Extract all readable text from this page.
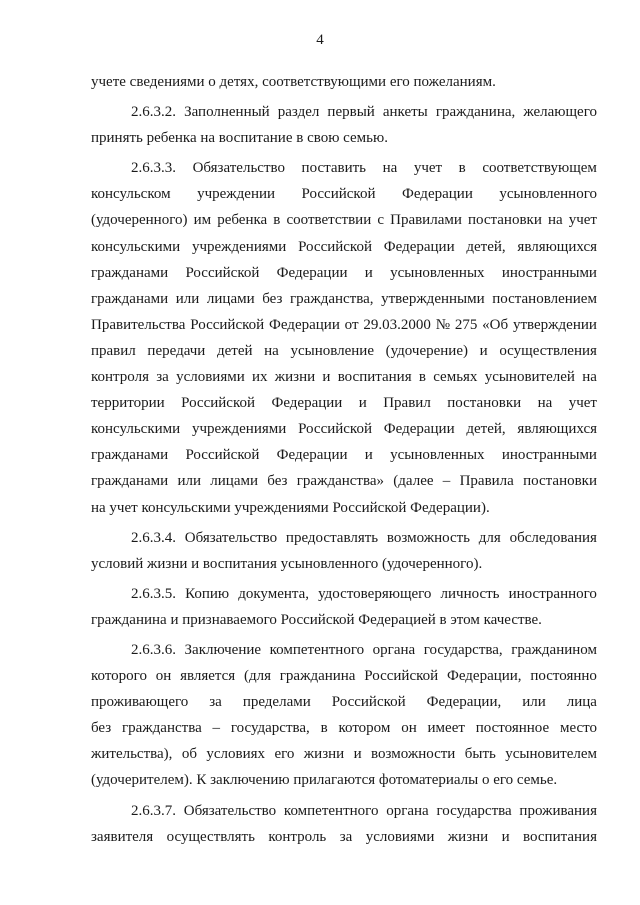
4
учете сведениями о детях, соответствующими его пожеланиям.
2.6.3.2. Заполненный раздел первый анкеты гражданина, желающего
принять ребенка на воспитание в свою семью.
2.6.3.3. Обязательство поставить на учет в соответствующем
консульском учреждении Российской Федерации усыновленного
(удочеренного) им ребенка в соответствии с Правилами постановки на учет
консульскими учреждениями Российской Федерации детей, являющихся
гражданами Российской Федерации и усыновленных иностранными
гражданами или лицами без гражданства, утвержденными постановлением
Правительства Российской Федерации от 29.03.2000 № 275 «Об утверждении
правил передачи детей на усыновление (удочерение) и осуществления
контроля за условиями их жизни и воспитания в семьях усыновителей на
территории Российской Федерации и Правил постановки на учет
консульскими учреждениями Российской Федерации детей, являющихся
гражданами Российской Федерации и усыновленных иностранными
гражданами или лицами без гражданства» (далее – Правила постановки
на учет консульскими учреждениями Российской Федерации).
2.6.3.4. Обязательство предоставлять возможность для обследования
условий жизни и воспитания усыновленного (удочеренного).
2.6.3.5. Копию документа, удостоверяющего личность иностранного
гражданина и признаваемого Российской Федерацией в этом качестве.
2.6.3.6. Заключение компетентного органа государства, гражданином
которого он является (для гражданина Российской Федерации, постоянно
проживающего за пределами Российской Федерации, или лица
без гражданства – государства, в котором он имеет постоянное место
жительства), об условиях его жизни и возможности быть усыновителем
(удочерителем). К заключению прилагаются фотоматериалы о его семье.
2.6.3.7. Обязательство компетентного органа государства проживания
заявителя осуществлять контроль за условиями жизни и воспитания
